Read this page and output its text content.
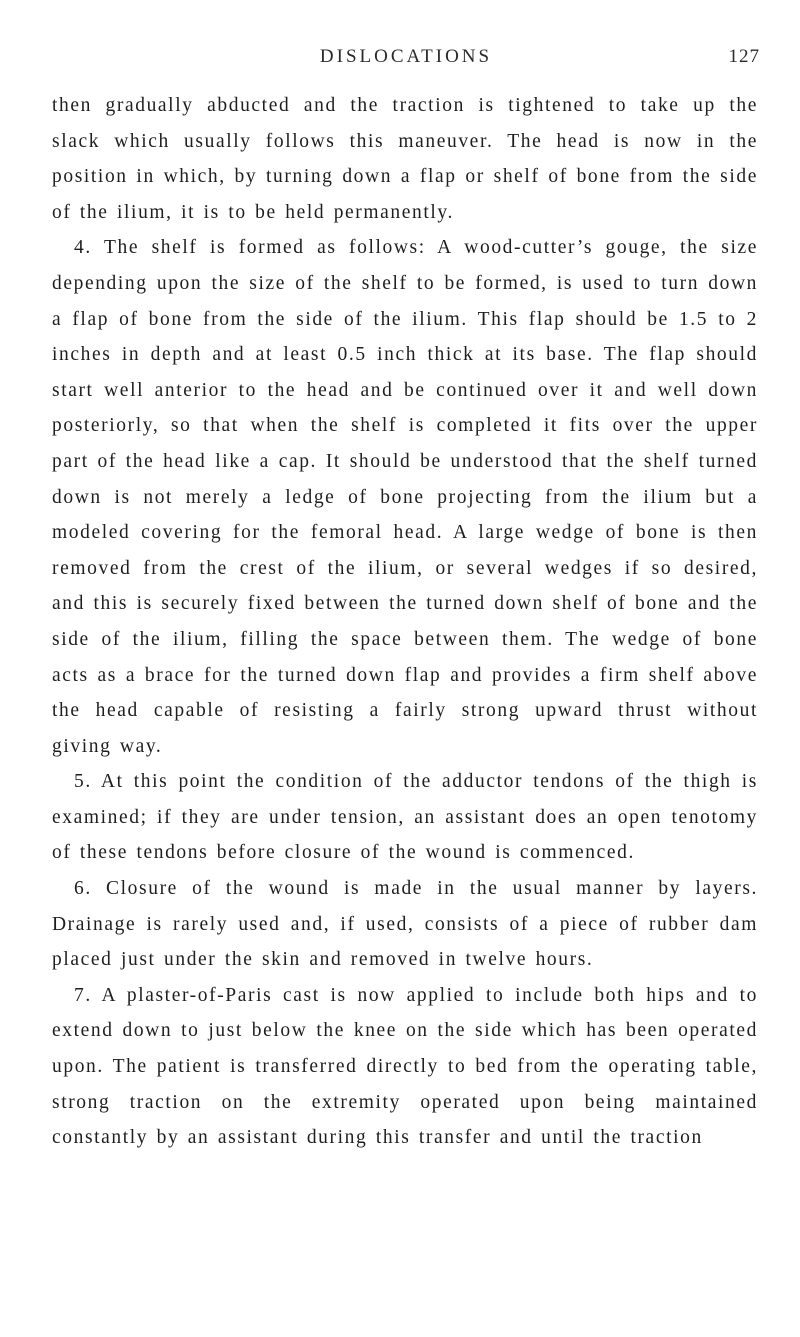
DISLOCATIONS	127

then gradually abducted and the traction is tightened to take up the slack which usually follows this maneuver. The head is now in the position in which, by turning down a flap or shelf of bone from the side of the ilium, it is to be held permanently.

4. The shelf is formed as follows: A wood-cutter’s gouge, the size depending upon the size of the shelf to be formed, is used to turn down a flap of bone from the side of the ilium. This flap should be 1.5 to 2 inches in depth and at least 0.5 inch thick at its base. The flap should start well anterior to the head and be continued over it and well down posteriorly, so that when the shelf is completed it fits over the upper part of the head like a cap. It should be understood that the shelf turned down is not merely a ledge of bone projecting from the ilium but a modeled covering for the femoral head. A large wedge of bone is then removed from the crest of the ilium, or several wedges if so desired, and this is securely fixed between the turned down shelf of bone and the side of the ilium, filling the space between them. The wedge of bone acts as a brace for the turned down flap and provides a firm shelf above the head capable of resisting a fairly strong upward thrust without giving way.

5. At this point the condition of the adductor tendons of the thigh is examined; if they are under tension, an assistant does an open tenotomy of these tendons before closure of the wound is commenced.

6. Closure of the wound is made in the usual manner by layers. Drainage is rarely used and, if used, consists of a piece of rubber dam placed just under the skin and removed in twelve hours.

7. A plaster-of-Paris cast is now applied to include both hips and to extend down to just below the knee on the side which has been operated upon. The patient is transferred directly to bed from the operating table, strong traction on the extremity operated upon being maintained constantly by an assistant during this transfer and until the traction
